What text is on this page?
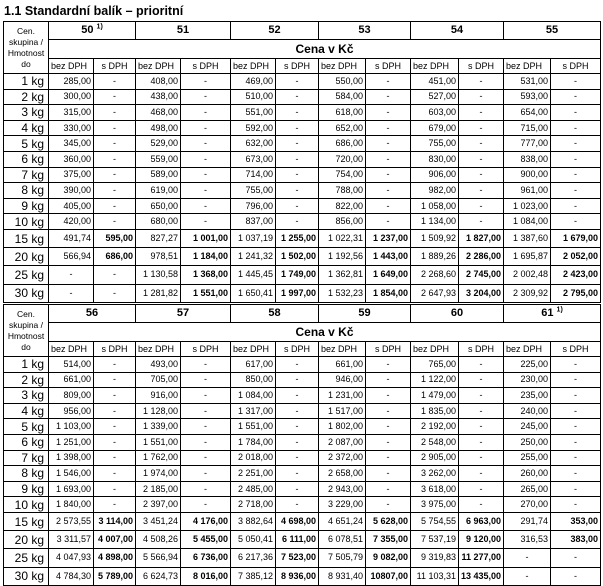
1.1 Standardní balík – prioritní
Cen.
skupina /
Hmotnost
do	50 $^{1)}$		51		52		53		54		55	
	Cena v Kč											
	bez DPH	s DPH	bez DPH	s DPH	bez DPH	s DPH	bez DPH	s DPH	bez DPH	s DPH	bez DPH	s DPH
1 kg	285,00	-	408,00	-	469,00	-	550,00	-	451,00	-	531,00	-
2 kg	300,00	-	438,00	-	510,00	-	584,00	-	527,00	-	593,00	-
3 kg	315,00	-	468,00	-	551,00	-	618,00	-	603,00	-	654,00	-
4 kg	330,00	-	498,00	-	592,00	-	652,00	-	679,00	-	715,00	-
5 kg	345,00	-	529,00	-	632,00	-	686,00	-	755,00	-	777,00	-
6 kg	360,00	-	559,00	-	673,00	-	720,00	-	830,00	-	838,00	-
7 kg	375,00	-	589,00	-	714,00	-	754,00	-	906,00	-	900,00	-
8 kg	390,00	-	619,00	-	755,00	-	788,00	-	982,00	-	961,00	-
9 kg	405,00	-	650,00	-	796,00	-	822,00	-	1 058,00	-	1 023,00	-
10 kg	420,00	-	680,00	-	837,00	-	856,00	-	1 134,00	-	1 084,00	-
15 kg	491,74	595,00	827,27	1 001,00	1 037,19	1 255,00	1 022,31	1 237,00	1 509,92	1 827,00	1 387,60	1 679,00
20 kg	566,94	686,00	978,51	1 184,00	1 241,32	1 502,00	1 192,56	1 443,00	1 889,26	2 286,00	1 695,87	2 052,00
25 kg	-	-	1 130,58	1 368,00	1 445,45	1 749,00	1 362,81	1 649,00	2 268,60	2 745,00	2 002,48	2 423,00
30 kg	-	-	1 281,82	1 551,00	1 650,41	1 997,00	1 532,23	1 854,00	2 647,93	3 204,00	2 309,92	2 795,00
Cen.
skupina /
Hmotnost
do	56		57		58		59		60		61 $^{1)}$
	Cena v Kč											
	bez DPH	s DPH	bez DPH	s DPH	bez DPH	s DPH	bez DPH	s DPH	bez DPH	s DPH	bez DPH	s DPH
1 kg	514,00	-	493,00	-	617,00	-	661,00	-	765,00	-	225,00	-
2 kg	661,00	-	705,00	-	850,00	-	946,00	-	1 122,00	-	230,00	-
3 kg	809,00	-	916,00	-	1 084,00	-	1 231,00	-	1 479,00	-	235,00	-
4 kg	956,00	-	1 128,00	-	1 317,00	-	1 517,00	-	1 835,00	-	240,00	-
5 kg	1 103,00	-	1 339,00	-	1 551,00	-	1 802,00	-	2 192,00	-	245,00	-
6 kg	1 251,00	-	1 551,00	-	1 784,00	-	2 087,00	-	2 548,00	-	250,00	-
7 kg	1 398,00	-	1 762,00	-	2 018,00	-	2 372,00	-	2 905,00	-	255,00	-
8 kg	1 546,00	-	1 974,00	-	2 251,00	-	2 658,00	-	3 262,00	-	260,00	-
9 kg	1 693,00	-	2 185,00	-	2 485,00	-	2 943,00	-	3 618,00	-	265,00	-
10 kg	1 840,00	-	2 397,00	-	2 718,00	-	3 229,00	-	3 975,00	-	270,00	-
15 kg	2 573,55	3 114,00	3 451,24	4 176,00	3 882,64	4 698,00	4 651,24	5 628,00	5 754,55	6 963,00	291,74	353,00
20 kg	3 311,57	4 007,00	4 508,26	5 455,00	5 050,41	6 111,00	6 078,51	7 355,00	7 537,19	9 120,00	316,53	383,00
25 kg	4 047,93	4 898,00	5 566,94	6 736,00	6 217,36	7 523,00	7 505,79	9 082,00	9 319,83	11 277,00	-	-
30 kg	4 784,30	5 789,00	6 624,73	8 016,00	7 385,12	8 936,00	8 931,40	10807,00	11 103,31	13 435,00	-	-
